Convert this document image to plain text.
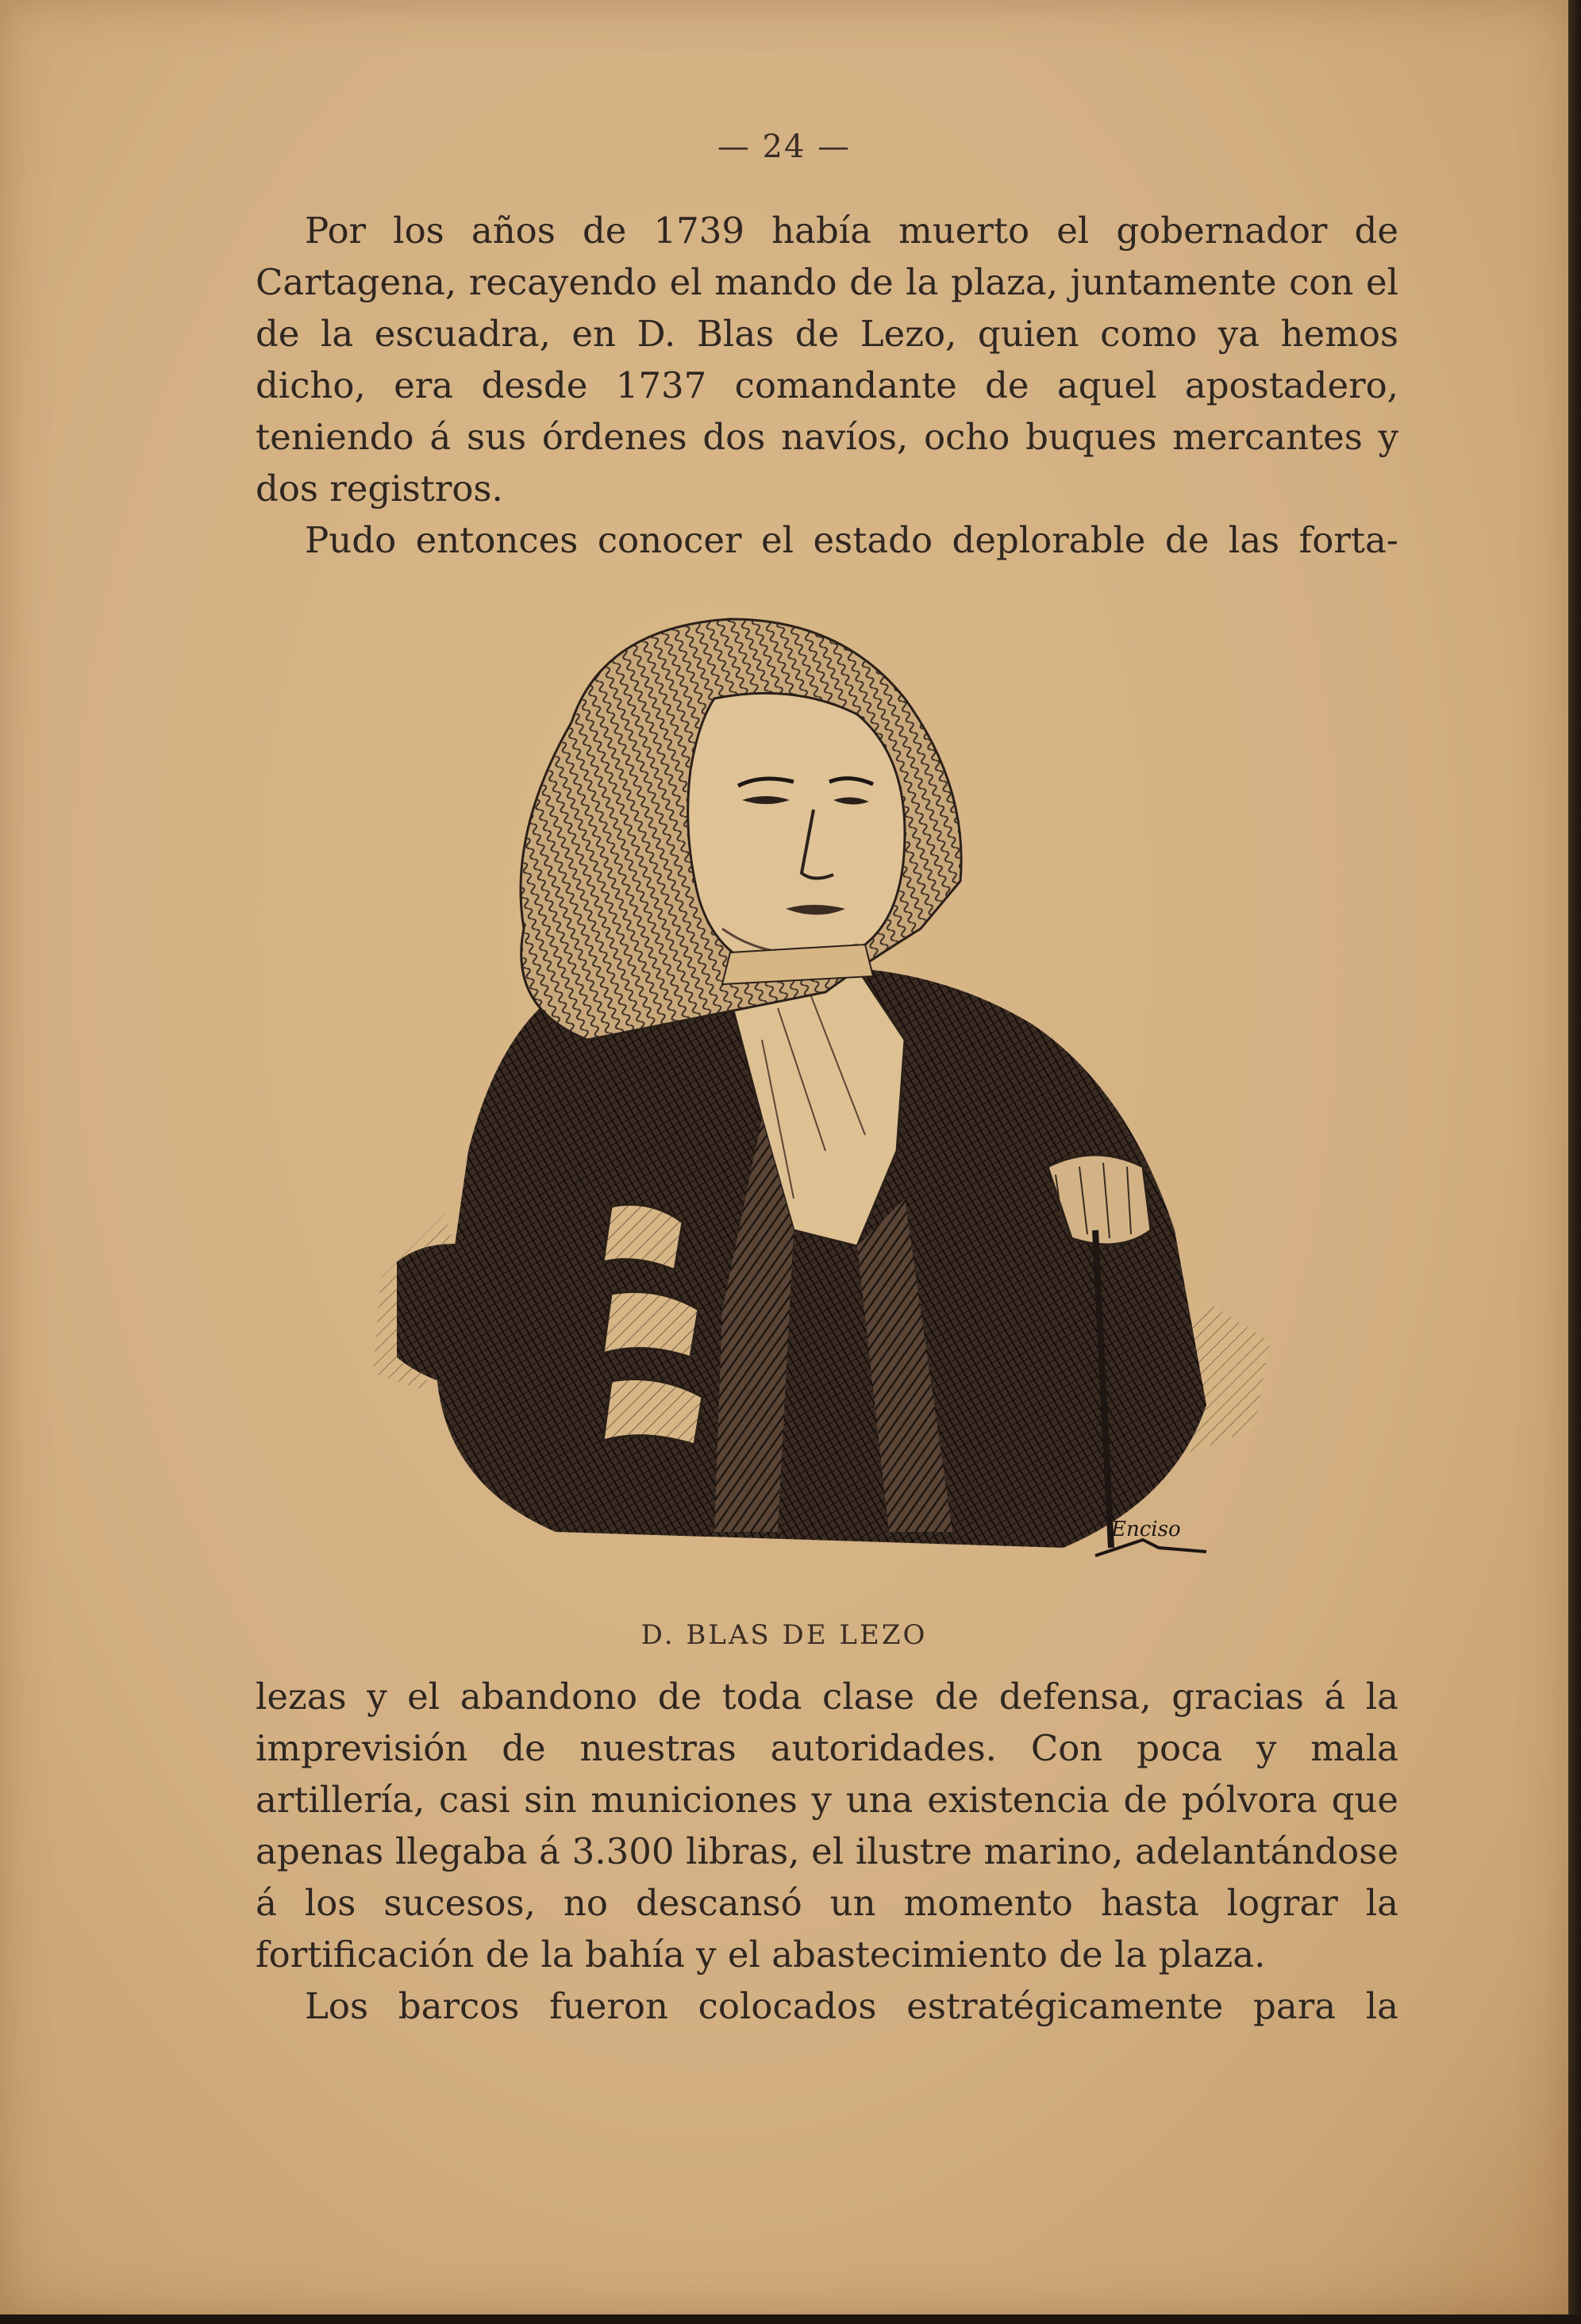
— 24 —

Por los años de 1739 había muerto el gobernador de Cartagena, recayendo el mando de la plaza, juntamente con el de la escuadra, en D. Blas de Lezo, quien como ya hemos dicho, era desde 1737 comandante de aquel apostadero, teniendo á sus órdenes dos navíos, ocho buques mercantes y dos registros.

Pudo entonces conocer el estado deplorable de las forta-

Enciso
D. BLAS DE LEZO

lezas y el abandono de toda clase de defensa, gracias á la imprevisión de nuestras autoridades. Con poca y mala artillería, casi sin municiones y una existencia de pólvora que apenas llegaba á 3.300 libras, el ilustre marino, adelantándose á los sucesos, no descansó un momento hasta lograr la fortificación de la bahía y el abastecimiento de la plaza.

Los barcos fueron colocados estratégicamente para la
